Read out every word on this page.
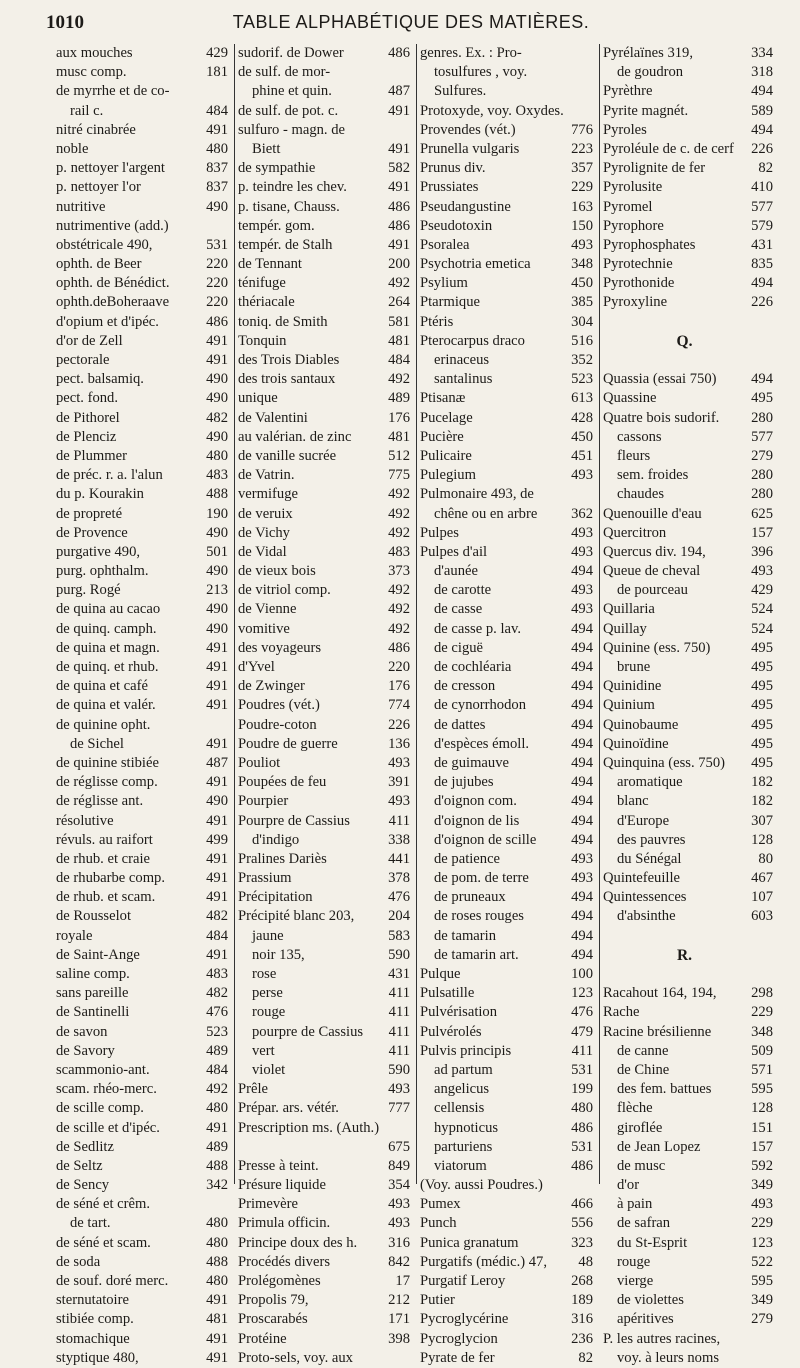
1010	TABLE ALPHABÉTIQUE DES MATIÈRES.
aux mouches	429
musc comp.	181
de myrrhe et de co-
rail c.	484
nitré cinabrée	491
noble	480
p. nettoyer l'argent	837
p. nettoyer l'or	837
nutritive	490
nutrimentive (add.)
obstétricale 490,	531
ophth. de Beer	220
ophth. de Bénédict.	220
ophth.deBoheraave	220
d'opium et d'ipéc.	486
d'or de Zell	491
pectorale	491
pect. balsamiq.	490
pect. fond.	490
de Pithorel	482
de Plenciz	490
de Plummer	480
de préc. r. a. l'alun	483
du p. Kourakin	488
de propreté	190
de Provence	490
purgative 490,	501
purg. ophthalm.	490
purg. Rogé	213
de quina au cacao	490
de quinq. camph.	490
de quina et magn.	491
de quinq. et rhub.	491
de quina et café	491
de quina et valér.	491
de quinine opht.
de Sichel	491
de quinine stibiée	487
de réglisse comp.	491
de réglisse ant.	490
résolutive	491
révuls. au raifort	499
de rhub. et craie	491
de rhubarbe comp.	491
de rhub. et scam.	491
de Rousselot	482
royale	484
de Saint-Ange	491
saline comp.	483
sans pareille	482
de Santinelli	476
de savon	523
de Savory	489
scammonio-ant.	484
scam. rhéo-merc.	492
de scille comp.	480
de scille et d'ipéc.	491
de Sedlitz	489
de Seltz	488
de Sency	342
de séné et crêm.
de tart.	480
de séné et scam.	480
de soda	488
de souf. doré merc.	480
sternutatoire	491
stibiée comp.	481
stomachique	491
styptique 480,	491
sudorif. de Dower	486
de sulf. de mor-
phine et quin.	487
de sulf. de pot. c.	491
sulfuro - magn. de
Biett	491
de sympathie	582
p. teindre les chev.	491
p. tisane, Chauss.	486
tempér. gom.	486
tempér. de Stalh	491
de Tennant	200
ténifuge	492
thériacale	264
toniq. de Smith	581
Tonquin	481
des Trois Diables	484
des trois santaux	492
unique	489
de Valentini	176
au valérian. de zinc	481
de vanille sucrée	512
de Vatrin.	775
vermifuge	492
de veruix	492
de Vichy	492
de Vidal	483
de vieux bois	373
de vitriol comp.	492
de Vienne	492
vomitive	492
des voyageurs	486
d'Yvel	220
de Zwinger	176
Poudres (vét.)	774
Poudre-coton	226
Poudre de guerre	136
Pouliot	493
Poupées de feu	391
Pourpier	493
Pourpre de Cassius	411
d'indigo	338
Pralines Dariès	441
Prassium	378
Précipitation	476
Précipité blanc 203, 204
jaune	583
noir 135,	590
rose	431
perse	411
rouge	411
pourpre de Cassius 411
vert	411
violet	590
Prêle	493
Prépar. ars. vétér.	777
Prescription ms. (Auth.)
675
Presse à teint.	849
Présure liquide	354
Primevère	493
Primula officin.	493
Principe doux des h. 316
Procédés divers	842
Prolégomènes	17
Propolis 79,	212
Proscarabés	171
Protéine	398
Proto-sels, voy. aux
genres. Ex. : Pro-
tosulfures , voy.
Sulfures.
Protoxyde, voy. Oxydes.
Provendes (vét.)	776
Prunella vulgaris	223
Prunus div.	357
Prussiates	229
Pseudangustine	163
Pseudotoxin	150
Psoralea	493
Psychotria emetica	348
Psylium	450
Ptarmique	385
Ptéris	304
Pterocarpus draco	516
erinaceus	352
santalinus	523
Ptisanæ	613
Pucelage	428
Pucière	450
Pulicaire	451
Pulegium	493
Pulmonaire 493, de
chêne ou en arbre 362
Pulpes	493
Pulpes d'ail	493
d'aunée	494
de carotte	493
de casse	493
de casse p. lav.	494
de ciguë	494
de cochléaria	494
de cresson	494
de cynorrhodon	494
de dattes	494
d'espèces émoll.	494
de guimauve	494
de jujubes	494
d'oignon com.	494
d'oignon de lis	494
d'oignon de scille 494
de patience	493
de pom. de terre	493
de pruneaux	494
de roses rouges	494
de tamarin	494
de tamarin art.	494
Pulque	100
Pulsatille	123
Pulvérisation	476
Pulvérolés	479
Pulvis principis	411
ad partum	531
angelicus	199
cellensis	480
hypnoticus	486
parturiens	531
viatorum	486
(Voy. aussi Poudres.)
Pumex	466
Punch	556
Punica granatum	323
Purgatifs (médic.) 47, 48
Purgatif Leroy	268
Putier	189
Pycroglycérine	316
Pycroglycion	236
Pyrate de fer	82
Pyrélaïnes 319,	334
de goudron	318
Pyrèthre	494
Pyrite magnét.	589
Pyroles	494
Pyroléule de c. de cerf 226
Pyrolignite de fer	82
Pyrolusite	410
Pyromel	577
Pyrophore	579
Pyrophosphates	431
Pyrotechnie	835
Pyrothonide	494
Pyroxyline	226
Q.
Quassia (essai 750) 494
Quassine	495
Quatre bois sudorif. 280
cassons	577
fleurs	279
sem. froides	280
chaudes	280
Quenouille d'eau	625
Quercitron	157
Quercus div. 194,	396
Queue de cheval	493
de pourceau	429
Quillaria	524
Quillay	524
Quinine (ess. 750)	495
brune	495
Quinidine	495
Quinium	495
Quinobaume	495
Quinoïdine	495
Quinquina (ess. 750) 495
aromatique	182
blanc	182
d'Europe	307
des pauvres	128
du Sénégal	80
Quintefeuille	467
Quintessences	107
d'absinthe	603
R.
Racahout 164, 194, 298
Rache	229
Racine brésilienne	348
de canne	509
de Chine	571
des fem. battues	595
flèche	128
giroflée	151
de Jean Lopez	157
de musc	592
d'or	349
à pain	493
de safran	229
du St-Esprit	123
rouge	522
vierge	595
de violettes	349
apéritives	279
P. les autres racines,
voy. à leurs noms
